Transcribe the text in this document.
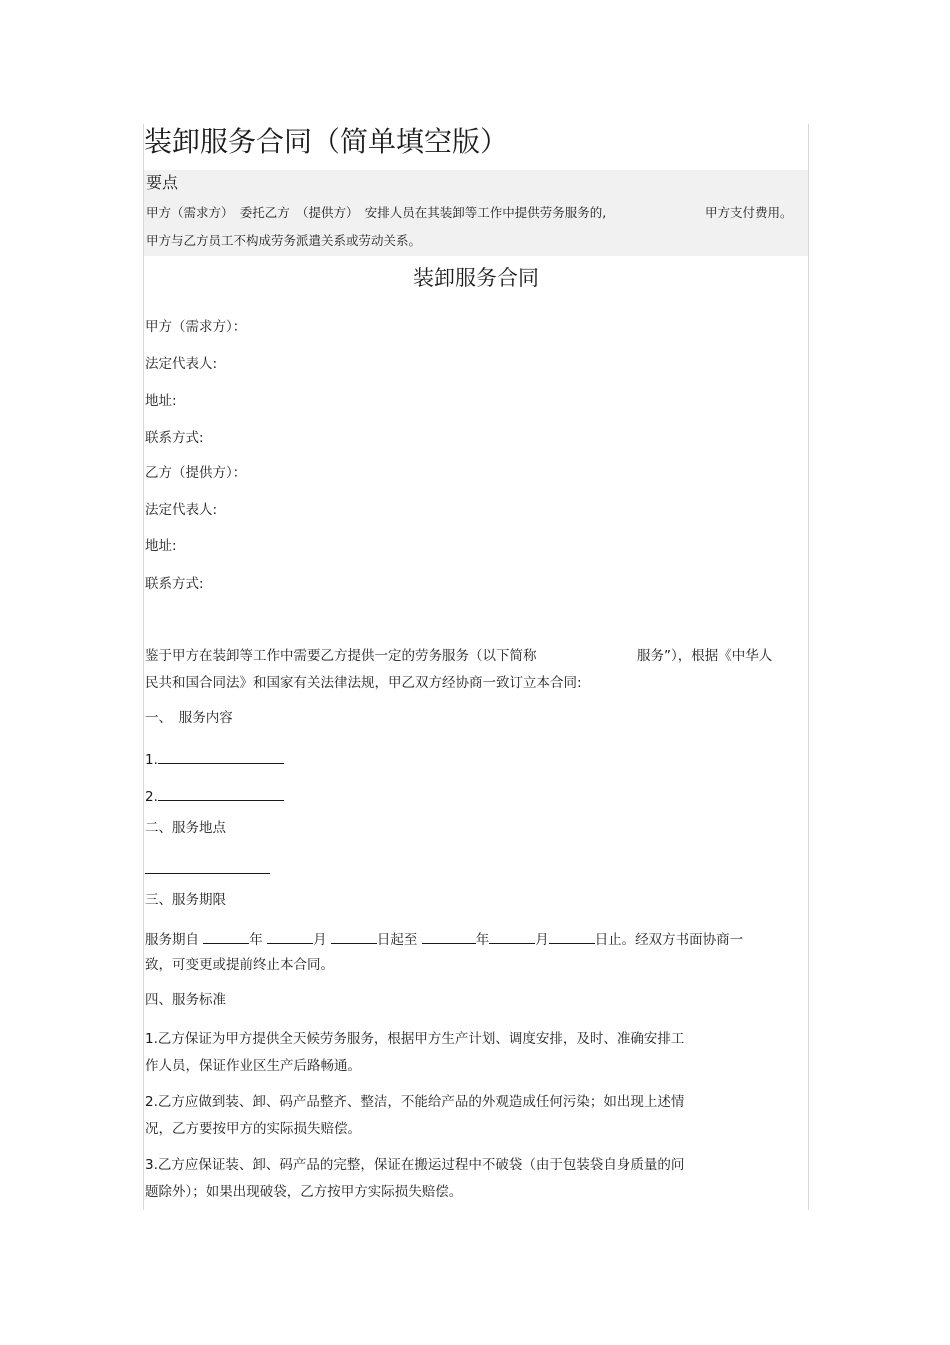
装卸服务合同（简单填空版）
要点
甲方（需求方）　委托乙方　（提供方）　安排人员在其装卸等工作中提供劳务服务的,	甲方支付费用。
甲方与乙方员工不构成劳务派遣关系或劳动关系。
装卸服务合同
甲方（需求方）：
法定代表人:
地址:
联系方式:
乙方（提供方）：
法定代表人:
地址:
联系方式:
鉴于甲方在装卸等工作中需要乙方提供一定的劳务服务（以下简称	服务”），根据《中华人
民共和国合同法》和国家有关法律法规，甲乙双方经协商一致订立本合同:
一、　服务内容
1.
2.
二、服务地点
三、服务期限
服务期自	年	月	日起至	年	月	日止。经双方书面协商一
致，可变更或提前终止本合同。
四、服务标准
1.乙方保证为甲方提供全天候劳务服务，根据甲方生产计划、调度安排，及时、准确安排工
作人员，保证作业区生产后路畅通。
2.乙方应做到装、卸、码产品整齐、整洁，不能给产品的外观造成任何污染；如出现上述情
况，乙方要按甲方的实际损失赔偿。
3.乙方应保证装、卸、码产品的完整，保证在搬运过程中不破袋（由于包装袋自身质量的问
题除外）；如果出现破袋，乙方按甲方实际损失赔偿。
